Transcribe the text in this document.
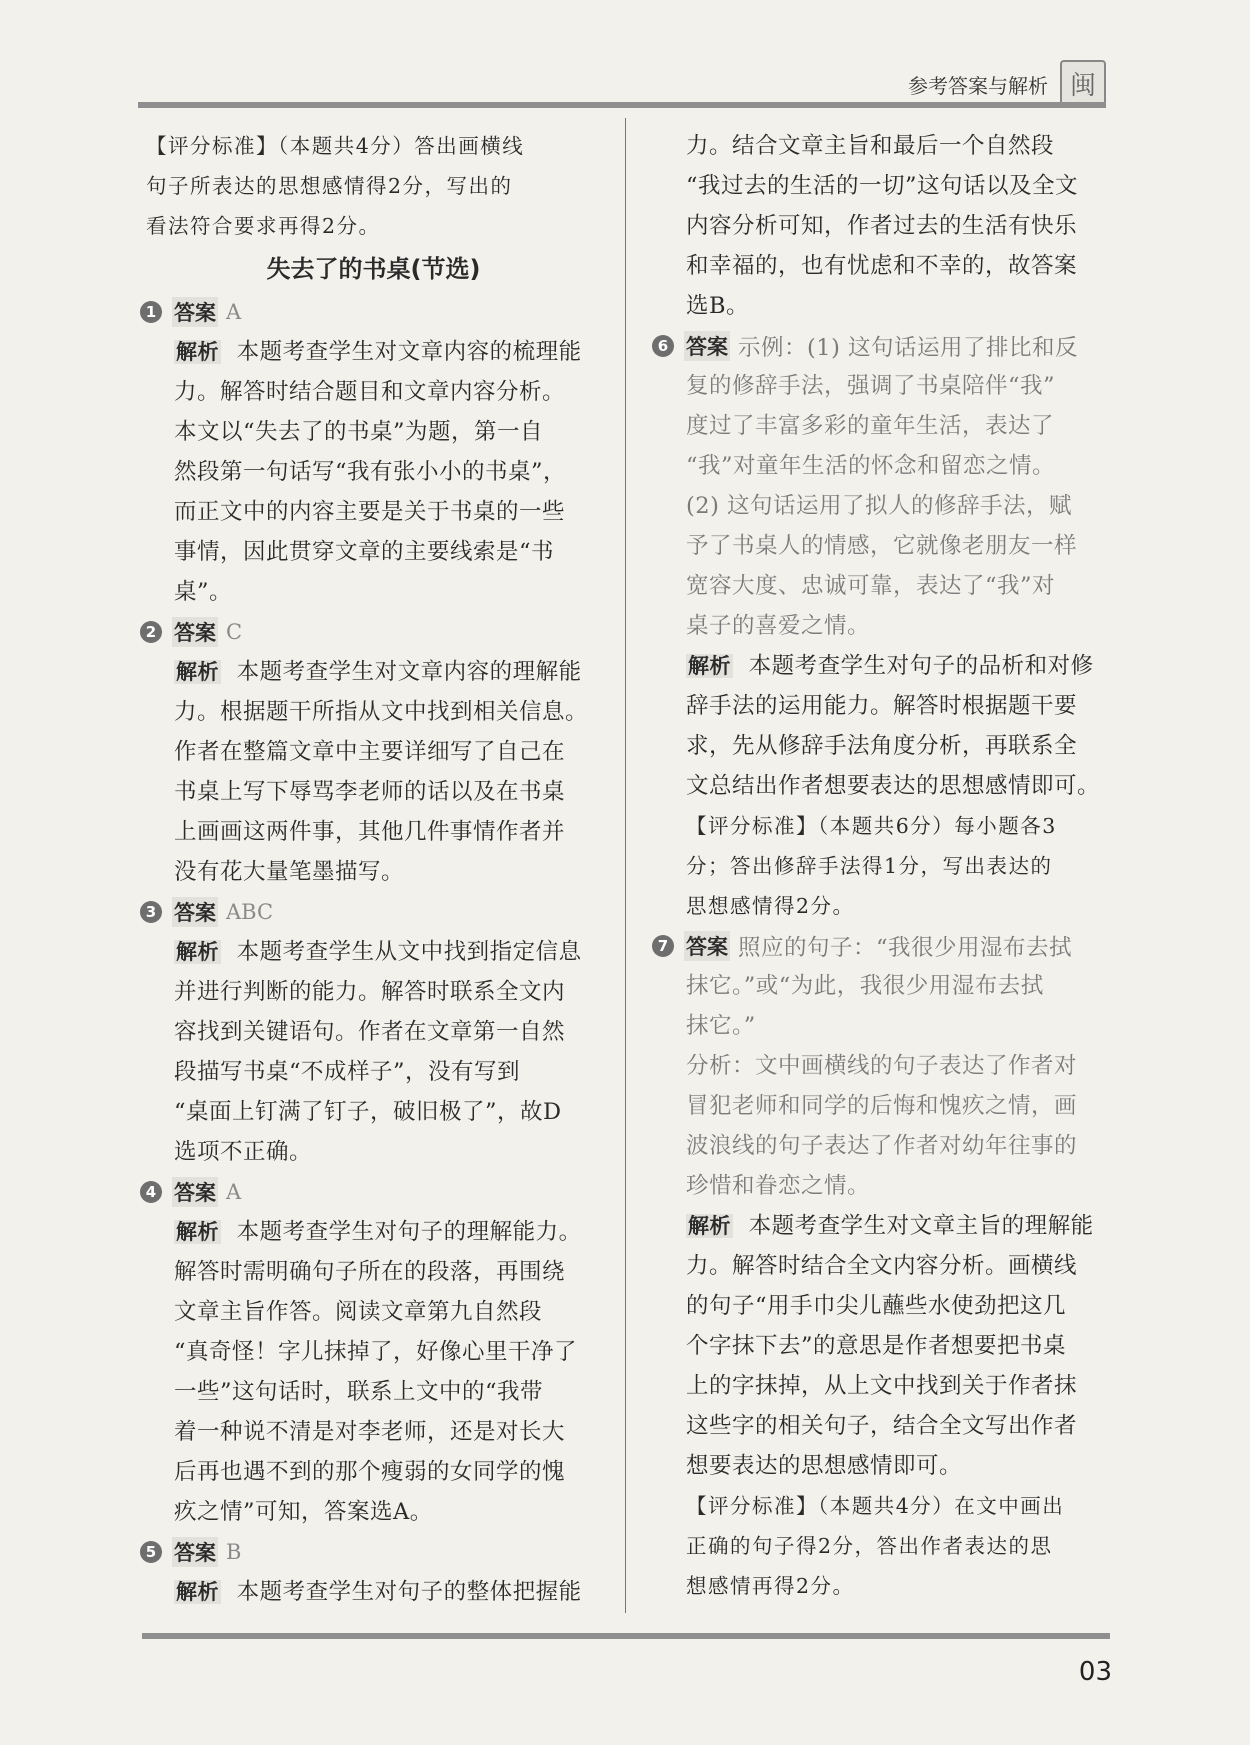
参考答案与解析 闽

【评分标准】（本题共4分）答出画横线
句子所表达的思想感情得2分，写出的
看法符合要求再得2分。

失去了的书桌(节选)

1 答案 A

解析 本题考查学生对文章内容的梳理能
力。解答时结合题目和文章内容分析。
本文以“失去了的书桌”为题，第一自
然段第一句话写“我有张小小的书桌”，
而正文中的内容主要是关于书桌的一些
事情，因此贯穿文章的主要线索是“书
桌”。

2 答案 C

解析 本题考查学生对文章内容的理解能
力。根据题干所指从文中找到相关信息。
作者在整篇文章中主要详细写了自己在
书桌上写下辱骂李老师的话以及在书桌
上画画这两件事，其他几件事情作者并
没有花大量笔墨描写。

3 答案 ABC

解析 本题考查学生从文中找到指定信息
并进行判断的能力。解答时联系全文内
容找到关键语句。作者在文章第一自然
段描写书桌“不成样子”，没有写到
“桌面上钉满了钉子，破旧极了”，故D
选项不正确。

4 答案 A

解析 本题考查学生对句子的理解能力。
解答时需明确句子所在的段落，再围绕
文章主旨作答。阅读文章第九自然段
“真奇怪！字儿抹掉了，好像心里干净了
一些”这句话时，联系上文中的“我带
着一种说不清是对李老师，还是对长大
后再也遇不到的那个瘦弱的女同学的愧
疚之情”可知，答案选A。

5 答案 B

解析 本题考查学生对句子的整体把握能

力。结合文章主旨和最后一个自然段
“我过去的生活的一切”这句话以及全文
内容分析可知，作者过去的生活有快乐
和幸福的，也有忧虑和不幸的，故答案
选B。

6 答案 示例：(1) 这句话运用了排比和反

复的修辞手法，强调了书桌陪伴“我”
度过了丰富多彩的童年生活，表达了
“我”对童年生活的怀念和留恋之情。
(2) 这句话运用了拟人的修辞手法，赋
予了书桌人的情感，它就像老朋友一样
宽容大度、忠诚可靠，表达了“我”对
桌子的喜爱之情。

解析 本题考查学生对句子的品析和对修
辞手法的运用能力。解答时根据题干要
求，先从修辞手法角度分析，再联系全
文总结出作者想要表达的思想感情即可。

【评分标准】（本题共6分）每小题各3
分；答出修辞手法得1分，写出表达的
思想感情得2分。

7 答案 照应的句子：“我很少用湿布去拭

抹它。”或“为此，我很少用湿布去拭
抹它。”
分析：文中画横线的句子表达了作者对
冒犯老师和同学的后悔和愧疚之情，画
波浪线的句子表达了作者对幼年往事的
珍惜和眷恋之情。

解析 本题考查学生对文章主旨的理解能
力。解答时结合全文内容分析。画横线
的句子“用手巾尖儿蘸些水使劲把这几
个字抹下去”的意思是作者想要把书桌
上的字抹掉，从上文中找到关于作者抹
这些字的相关句子，结合全文写出作者
想要表达的思想感情即可。

【评分标准】（本题共4分）在文中画出
正确的句子得2分，答出作者表达的思
想感情再得2分。

03
